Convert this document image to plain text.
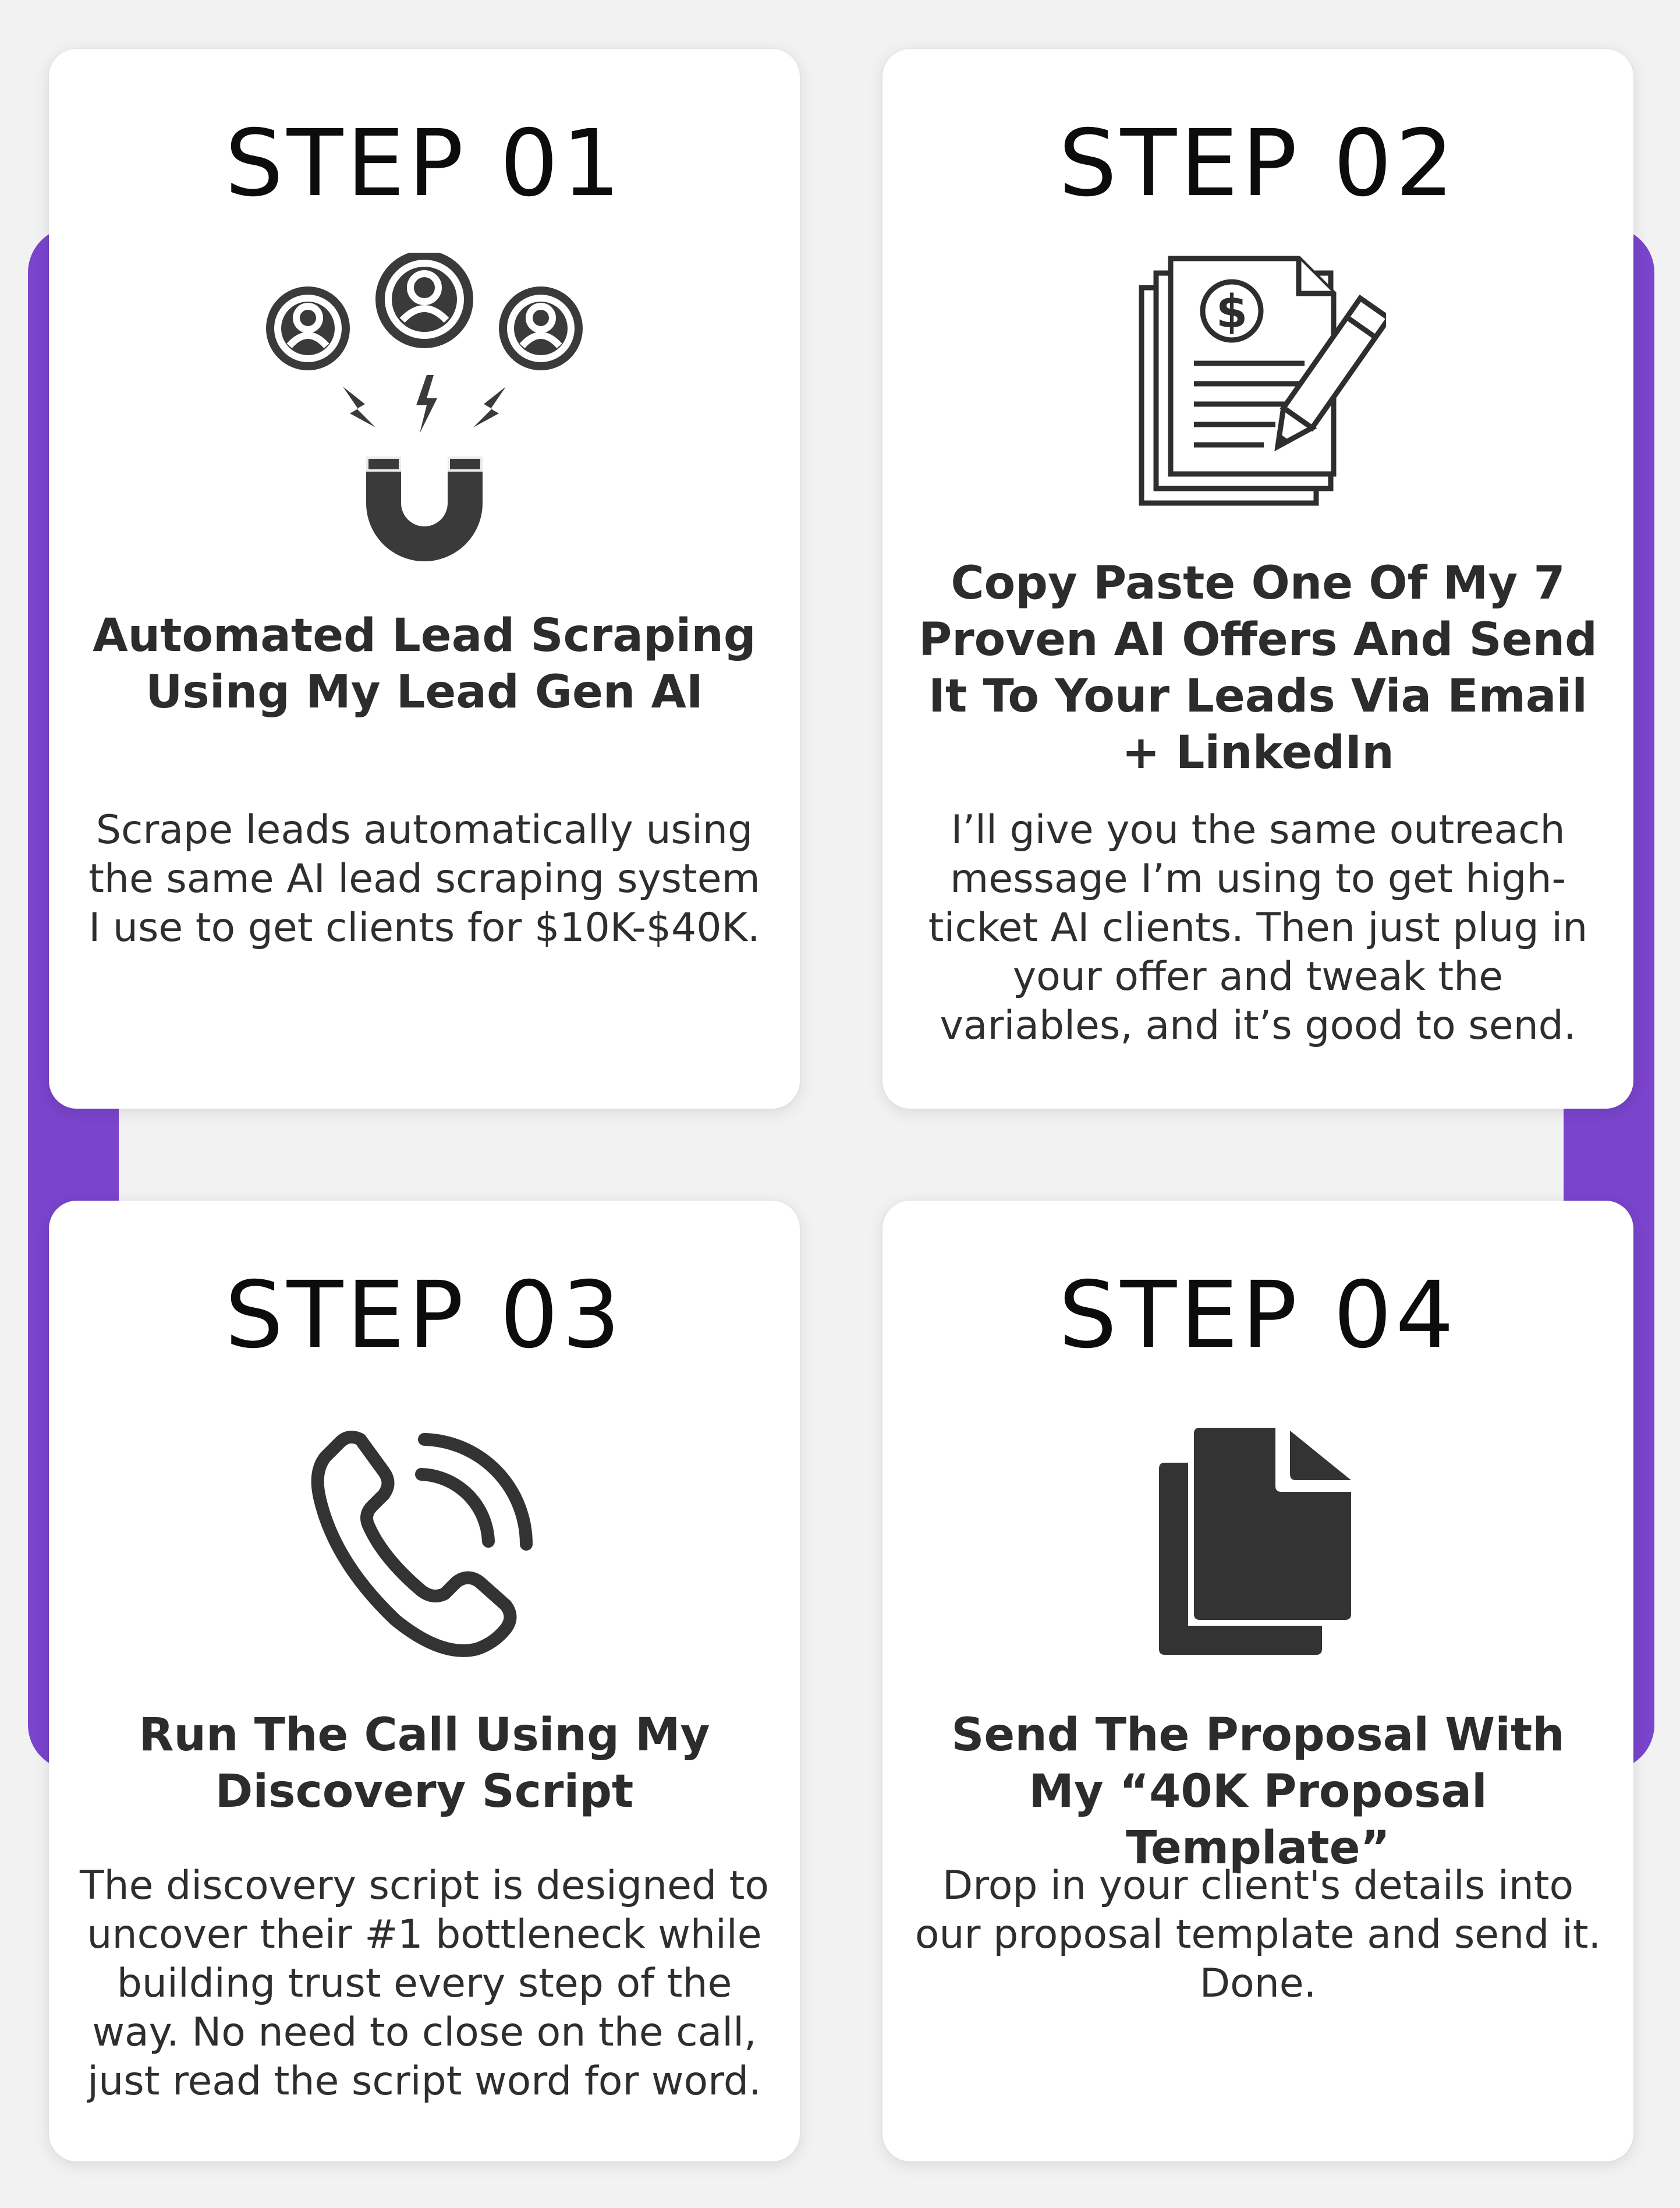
STEP 01
Automated Lead Scraping Using My Lead Gen AI
Scrape leads automatically using the same AI lead scraping system I use to get clients for $10K-$40K.
STEP 02
$
Copy Paste One Of My 7 Proven AI Offers And Send It To Your Leads Via Email + LinkedIn
I’ll give you the same outreach message I’m using to get high-ticket AI clients. Then just plug in your offer and tweak the variables, and it’s good to send.
STEP 03
Run The Call Using My Discovery Script
The discovery script is designed to uncover their #1 bottleneck while building trust every step of the way. No need to close on the call, just read the script word for word.
STEP 04
Send The Proposal With My “40K Proposal Template”
Drop in your client's details into our proposal template and send it. Done.
